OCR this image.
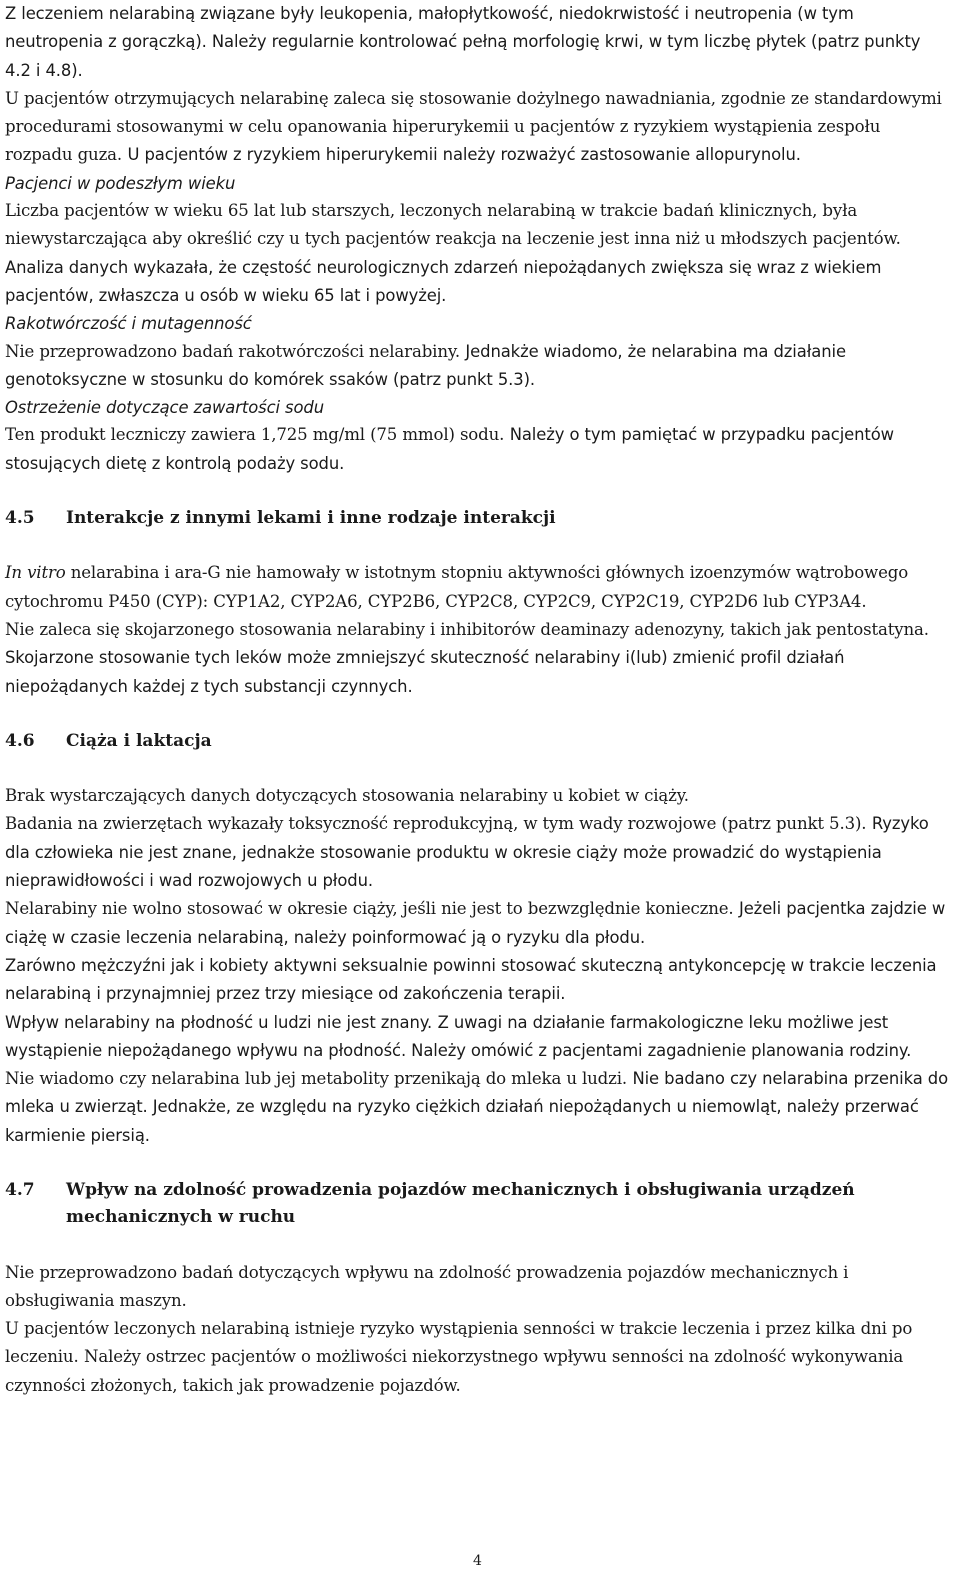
Z leczeniem nelarabiną związane były leukopenia, małopłytkowość, niedokrwistość i neutropenia (w tym neutropenia z gorączką). Należy regularnie kontrolować pełną morfologię krwi, w tym liczbę płytek (patrz punkty 4.2 i 4.8).

U pacjentów otrzymujących nelarabinę zaleca się stosowanie dożylnego nawadniania, zgodnie ze standardowymi procedurami stosowanymi w celu opanowania hiperurykemii u pacjentów z ryzykiem wystąpienia zespołu rozpadu guza. U pacjentów z ryzykiem hiperurykemii należy rozważyć zastosowanie allopurynolu.

Pacjenci w podeszłym wieku

Liczba pacjentów w wieku 65 lat lub starszych, leczonych nelarabiną w trakcie badań klinicznych, była niewystarczająca aby określić czy u tych pacjentów reakcja na leczenie jest inna niż u młodszych pacjentów. Analiza danych wykazała, że częstość neurologicznych zdarzeń niepożądanych zwiększa się wraz z wiekiem pacjentów, zwłaszcza u osób w wieku 65 lat i powyżej.

Rakotwórczość i mutagenność

Nie przeprowadzono badań rakotwórczości nelarabiny. Jednakże wiadomo, że nelarabina ma działanie genotoksyczne w stosunku do komórek ssaków (patrz punkt 5.3).

Ostrzeżenie dotyczące zawartości sodu

Ten produkt leczniczy zawiera 1,725 mg/ml (75 mmol) sodu. Należy o tym pamiętać w przypadku pacjentów stosujących dietę z kontrolą podaży sodu.

4.5	Interakcje z innymi lekami i inne rodzaje interakcji

In vitro nelarabina i ara-G nie hamowały w istotnym stopniu aktywności głównych izoenzymów wątrobowego cytochromu P450 (CYP): CYP1A2, CYP2A6, CYP2B6, CYP2C8, CYP2C9, CYP2C19, CYP2D6 lub CYP3A4.

Nie zaleca się skojarzonego stosowania nelarabiny i inhibitorów deaminazy adenozyny, takich jak pentostatyna. Skojarzone stosowanie tych leków może zmniejszyć skuteczność nelarabiny i(lub) zmienić profil działań niepożądanych każdej z tych substancji czynnych.

4.6	Ciąża i laktacja

Brak wystarczających danych dotyczących stosowania nelarabiny u kobiet w ciąży.

Badania na zwierzętach wykazały toksyczność reprodukcyjną, w tym wady rozwojowe (patrz punkt 5.3). Ryzyko dla człowieka nie jest znane, jednakże stosowanie produktu w okresie ciąży może prowadzić do wystąpienia nieprawidłowości i wad rozwojowych u płodu.

Nelarabiny nie wolno stosować w okresie ciąży, jeśli nie jest to bezwzględnie konieczne. Jeżeli pacjentka zajdzie w ciążę w czasie leczenia nelarabiną, należy poinformować ją o ryzyku dla płodu.

Zarówno mężczyźni jak i kobiety aktywni seksualnie powinni stosować skuteczną antykoncepcję w trakcie leczenia nelarabiną i przynajmniej przez trzy miesiące od zakończenia terapii.

Wpływ nelarabiny na płodność u ludzi nie jest znany. Z uwagi na działanie farmakologiczne leku możliwe jest wystąpienie niepożądanego wpływu na płodność. Należy omówić z pacjentami zagadnienie planowania rodziny.

Nie wiadomo czy nelarabina lub jej metabolity przenikają do mleka u ludzi. Nie badano czy nelarabina przenika do mleka u zwierząt. Jednakże, ze względu na ryzyko ciężkich działań niepożądanych u niemowląt, należy przerwać karmienie piersią.

4.7	Wpływ na zdolność prowadzenia pojazdów mechanicznych i obsługiwania urządzeń mechanicznych w ruchu

Nie przeprowadzono badań dotyczących wpływu na zdolność prowadzenia pojazdów mechanicznych i obsługiwania maszyn.

U pacjentów leczonych nelarabiną istnieje ryzyko wystąpienia senności w trakcie leczenia i przez kilka dni po leczeniu. Należy ostrzec pacjentów o możliwości niekorzystnego wpływu senności na zdolność wykonywania czynności złożonych, takich jak prowadzenie pojazdów.

4
